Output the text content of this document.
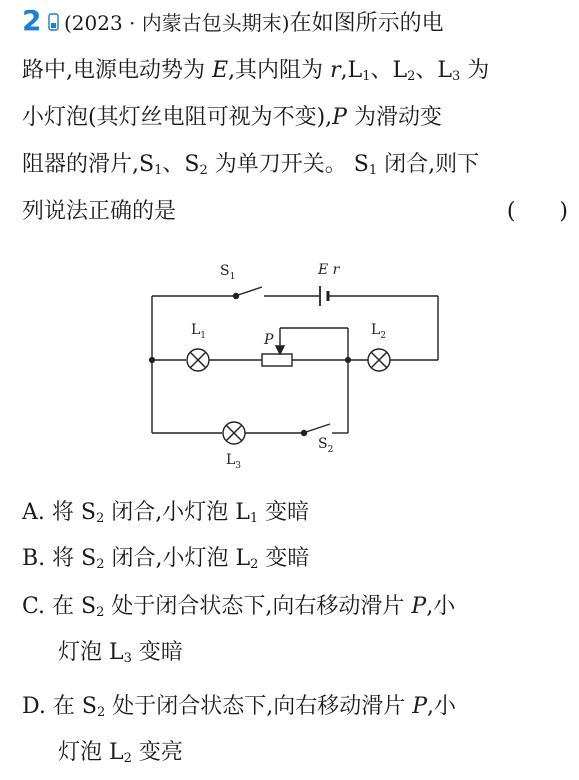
2	(2023 · 内蒙古包头期末)在如图所示的电
路中,电源电动势为 E,其内阻为 $r,L_1$、$L_2$、$L_3$ 为
小灯泡(其灯丝电阻可视为不变),P 为滑动变
阻器的滑片$,S_1$、$S_2$ 为单刀开关。 $S_1$ 闭合,则下
列说法正确的是	(　　)
$S_1$	E r
$L_1$	$L_2$
P
$L_3$
$S_2$
A. 将 $S_2$ 闭合,小灯泡 $L_1$ 变暗
B. 将 $S_2$ 闭合,小灯泡 $L_2$ 变暗
C. 在 $S_2$ 处于闭合状态下,向右移动滑片 P,小
灯泡 $L_3$ 变暗
D. 在 $S_2$ 处于闭合状态下,向右移动滑片 P,小
灯泡 $L_2$ 变亮
